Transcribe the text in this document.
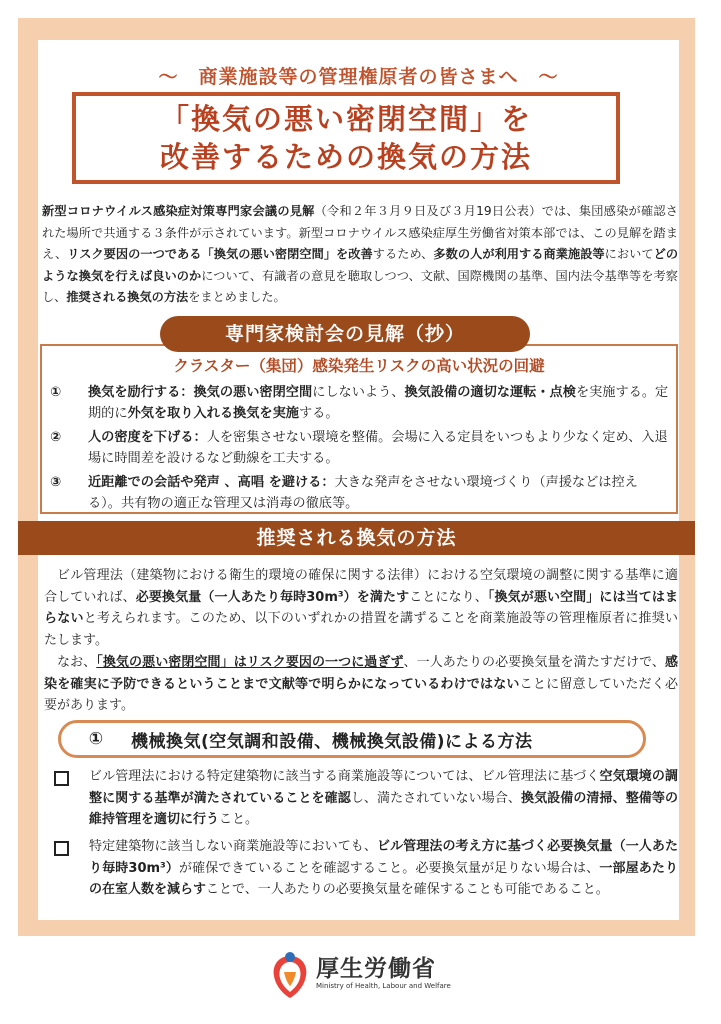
〜　商業施設等の管理権原者の皆さまへ　〜
「換気の悪い密閉空間」を
改善するための換気の方法
新型コロナウイルス感染症対策専門家会議の見解（令和２年３月９日及び３月19日公表）では、集団感染が確認された場所で共通する３条件が示されています。新型コロナウイルス感染症厚生労働省対策本部では、この見解を踏まえ、リスク要因の一つである「換気の悪い密閉空間」を改善するため、多数の人が利用する商業施設等においてどのような換気を行えば良いのかについて、有識者の意見を聴取しつつ、文献、国際機関の基準、国内法令基準等を考察し、推奨される換気の方法をまとめました。
専門家検討会の見解（抄）
クラスター（集団）感染発生リスクの高い状況の回避
①	換気を励行する：換気の悪い密閉空間にしないよう、換気設備の適切な運転・点検を実施する。定期的に外気を取り入れる換気を実施する。
②	人の密度を下げる：人を密集させない環境を整備。会場に入る定員をいつもより少なく定め、入退場に時間差を設けるなど動線を工夫する。
③	近距離での会話や発声 、高唱 を避ける：大きな発声をさせない環境づくり（声援などは控える）。共有物の適正な管理又は消毒の徹底等。
推奨される換気の方法
ビル管理法（建築物における衛生的環境の確保に関する法律）における空気環境の調整に関する基準に適合していれば、必要換気量（一人あたり毎時30m³）を満たすことになり、「換気が悪い空間」には当てはまらないと考えられます。このため、以下のいずれかの措置を講ずることを商業施設等の管理権原者に推奨いたします。
なお、「換気の悪い密閉空間」はリスク要因の一つに過ぎず、一人あたりの必要換気量を満たすだけで、感染を確実に予防できるということまで文献等で明らかになっているわけではないことに留意していただく必要があります。
①	機械換気(空気調和設備、機械換気設備)による方法
ビル管理法における特定建築物に該当する商業施設等については、ビル管理法に基づく空気環境の調整に関する基準が満たされていることを確認し、満たされていない場合、換気設備の清掃、整備等の維持管理を適切に行うこと。
特定建築物に該当しない商業施設等においても、ビル管理法の考え方に基づく必要換気量（一人あたり毎時30m³）が確保できていることを確認すること。必要換気量が足りない場合は、一部屋あたりの在室人数を減らすことで、一人あたりの必要換気量を確保することも可能であること。
厚生労働省
Ministry of Health, Labour and Welfare
